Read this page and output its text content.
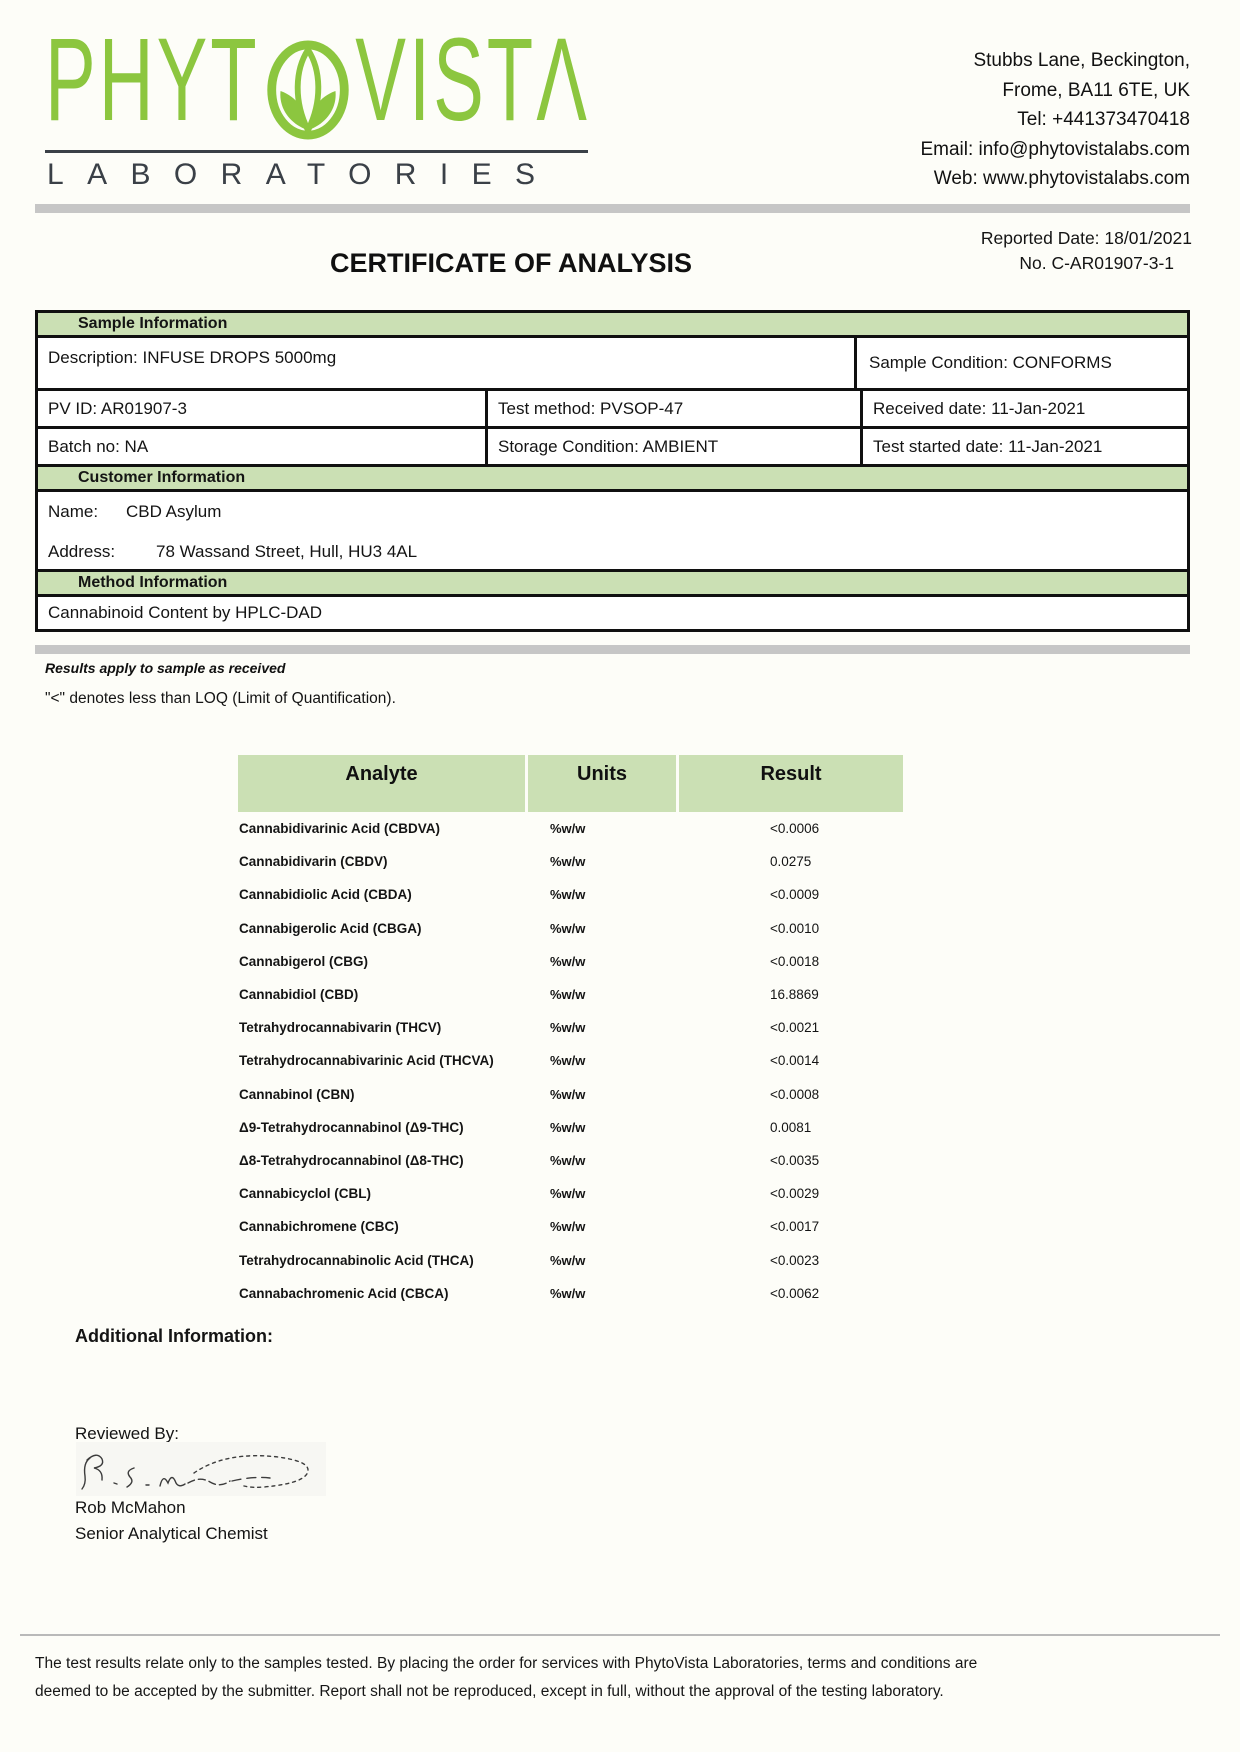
PHYT VISTΛ
LABORATORIES
Stubbs Lane, Beckington,
Frome, BA11 6TE, UK
Tel: +441373470418
Email: info@phytovistalabs.com
Web: www.phytovistalabs.com
CERTIFICATE OF ANALYSIS
Reported Date: 18/01/2021
No. C-AR01907-3-1
Sample Information
Description: INFUSE DROPS 5000mg	Sample Condition: CONFORMS
PV ID: AR01907-3	Test method: PVSOP-47	Received date: 11-Jan-2021
Batch no: NA	Storage Condition: AMBIENT	Test started date: 11-Jan-2021
Customer Information
Name:	CBD Asylum
Address:	78 Wassand Street, Hull, HU3 4AL
Method Information
Cannabinoid Content by HPLC-DAD
Results apply to sample as received
"<" denotes less than LOQ (Limit of Quantification).
Analyte	Units	Result
Cannabidivarinic Acid (CBDVA)	%w/w	<0.0006
Cannabidivarin (CBDV)	%w/w	0.0275
Cannabidiolic Acid (CBDA)	%w/w	<0.0009
Cannabigerolic Acid (CBGA)	%w/w	<0.0010
Cannabigerol (CBG)	%w/w	<0.0018
Cannabidiol (CBD)	%w/w	16.8869
Tetrahydrocannabivarin (THCV)	%w/w	<0.0021
Tetrahydrocannabivarinic Acid (THCVA)	%w/w	<0.0014
Cannabinol (CBN)	%w/w	<0.0008
Δ9-Tetrahydrocannabinol (Δ9-THC)	%w/w	0.0081
Δ8-Tetrahydrocannabinol (Δ8-THC)	%w/w	<0.0035
Cannabicyclol (CBL)	%w/w	<0.0029
Cannabichromene (CBC)	%w/w	<0.0017
Tetrahydrocannabinolic Acid (THCA)	%w/w	<0.0023
Cannabachromenic Acid (CBCA)	%w/w	<0.0062
Additional Information:
Reviewed By:
Rob McMahon
Senior Analytical Chemist
The test results relate only to the samples tested. By placing the order for services with PhytoVista Laboratories, terms and conditions are
deemed to be accepted by the submitter. Report shall not be reproduced, except in full, without the approval of the testing laboratory.
